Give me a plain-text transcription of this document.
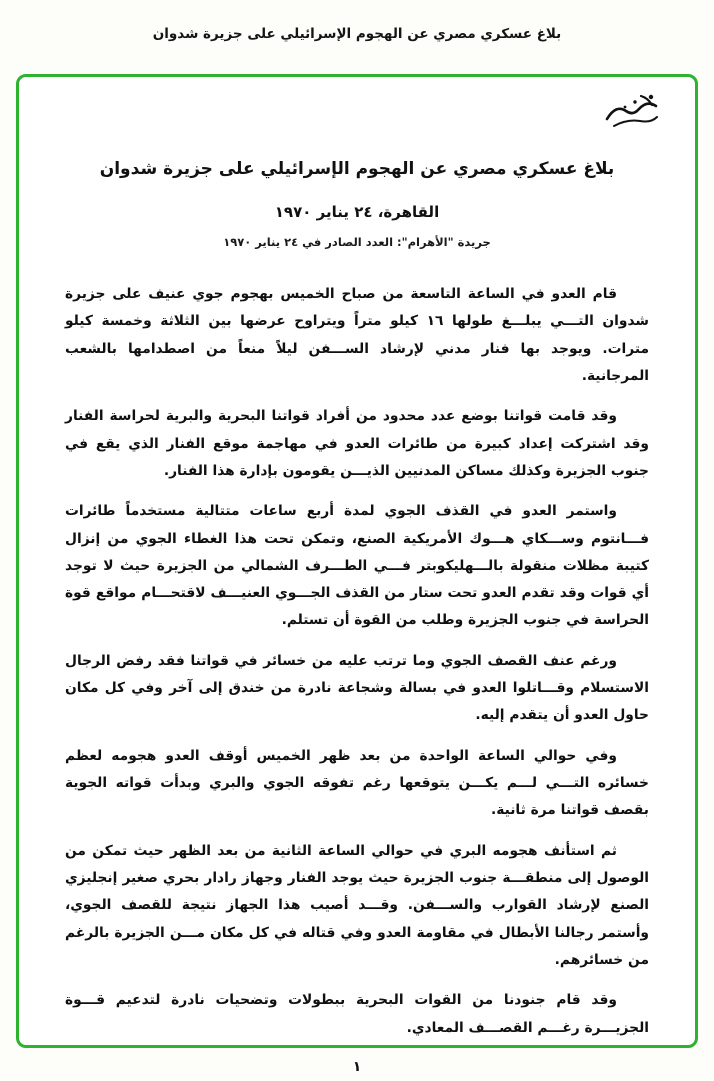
بلاغ عسكري مصري عن الهجوم الإسرائيلي على جزيرة شدوان
بلاغ عسكري مصري عن الهجوم الإسرائيلي على جزيرة شدوان
القاهرة، ٢٤ يناير ١٩٧٠
جريدة "الأهرام": العدد الصادر في ٢٤ يناير ١٩٧٠

قام العدو في الساعة التاسعة من صباح الخميس بهجوم جوي عنيف على جزيرة شدوان التـــي يبلـــغ طولها ١٦ كيلو متراً ويتراوح عرضها بين الثلاثة وخمسة كيلو مترات. ويوجد بها فنار مدني لإرشاد الســـفن ليلاً منعاً من اصطدامها بالشعب المرجانية.

وقد قامت قواتنا بوضع عدد محدود من أفراد قواتنا البحرية والبرية لحراسة الفنار وقد اشتركت إعداد كبيرة من طائرات العدو في مهاجمة موقع الفنار الذي يقع في جنوب الجزيرة وكذلك مساكن المدنيين الذيـــن يقومون بإدارة هذا الفنار.

واستمر العدو في القذف الجوي لمدة أربع ساعات متتالية مستخدماً طائرات فـــانتوم وســـكاي هـــوك الأمريكية الصنع، وتمكن تحت هذا الغطاء الجوي من إنزال كتيبة مظلات منقولة بالـــهليكوبتر فـــي الطـــرف الشمالي من الجزيرة حيث لا توجد أي قوات وقد تقدم العدو تحت ستار من القذف الجـــوي العنيـــف لاقتحـــام مواقع قوة الحراسة في جنوب الجزيرة وطلب من القوة أن تستلم.

ورغم عنف القصف الجوي وما ترتب عليه من خسائر في قواتنا فقد رفض الرجال الاستسلام وقـــاتلوا العدو في بسالة وشجاعة نادرة من خندق إلى آخر وفي كل مكان حاول العدو أن يتقدم إليه.

وفي حوالي الساعة الواحدة من بعد ظهر الخميس أوقف العدو هجومه لعظم خسائره التـــي لـــم يكـــن يتوقعها رغم تفوقه الجوي والبري وبدأت قواته الجوية بقصف قواتنا مرة ثانية.

ثم استأنف هجومه البري في حوالي الساعة الثانية من بعد الظهر حيث تمكن من الوصول إلى منطقـــة جنوب الجزيرة حيث يوجد الفنار وجهاز رادار بحري صغير إنجليزي الصنع لإرشاد القوارب والســـفن. وقـــد أصيب هذا الجهاز نتيجة للقصف الجوي، وأستمر رجالنا الأبطال في مقاومة العدو وفي قتاله في كل مكان مـــن الجزيرة بالرغم من خسائرهم.

وقد قام جنودنا من القوات البحرية ببطولات وتضحيات نادرة لتدعيم قـــوة الجزيـــرة رغـــم القصـــف المعادي.

١
